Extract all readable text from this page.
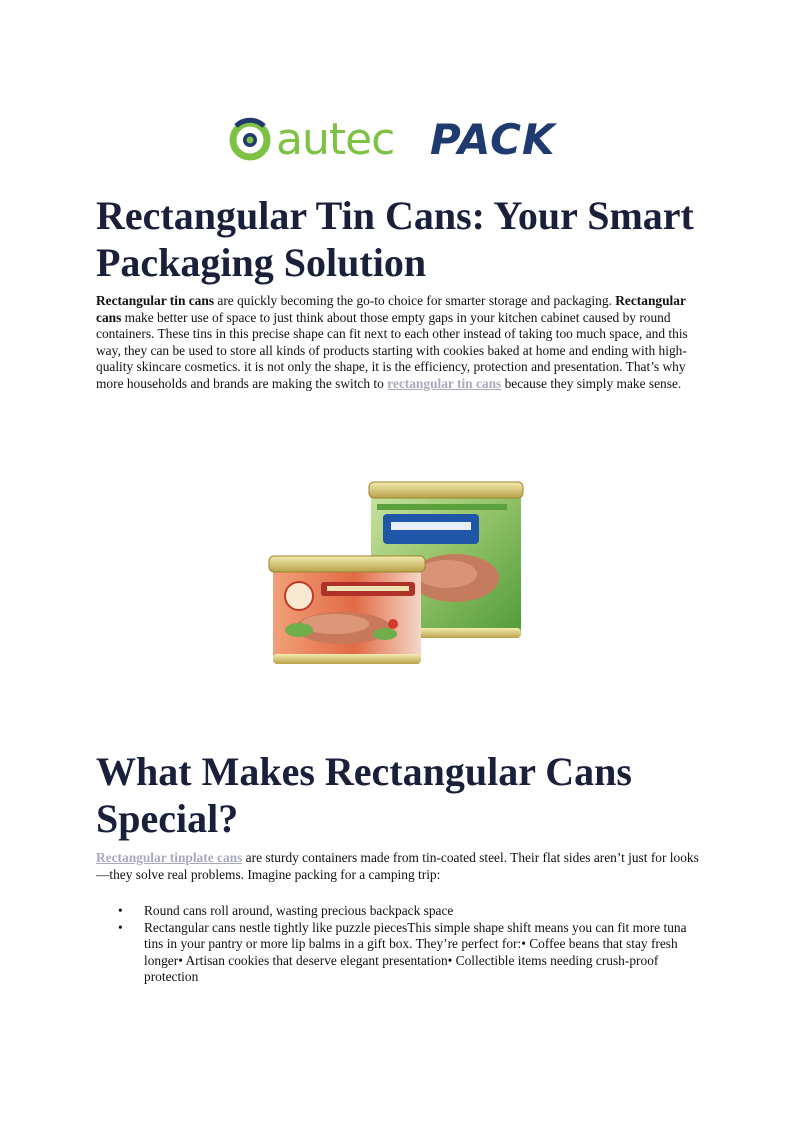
autec PACK
Rectangular Tin Cans: Your Smart Packaging Solution

Rectangular tin cans are quickly becoming the go-to choice for smarter storage and packaging. Rectangular cans make better use of space to just think about those empty gaps in your kitchen cabinet caused by round containers. These tins in this precise shape can fit next to each other instead of taking too much space, and this way, they can be used to store all kinds of products starting with cookies baked at home and ending with high-quality skincare cosmetics. it is not only the shape, it is the efficiency, protection and presentation. That’s why more households and brands are making the switch to rectangular tin cans because they simply make sense.

What Makes Rectangular Cans Special?

Rectangular tinplate cans are sturdy containers made from tin-coated steel. Their flat sides aren’t just for looks—they solve real problems. Imagine packing for a camping trip:

• Round cans roll around, wasting precious backpack space
• Rectangular cans nestle tightly like puzzle piecesThis simple shape shift means you can fit more tuna tins in your pantry or more lip balms in a gift box. They’re perfect for:• Coffee beans that stay fresh longer• Artisan cookies that deserve elegant presentation• Collectible items needing crush-proof protection
